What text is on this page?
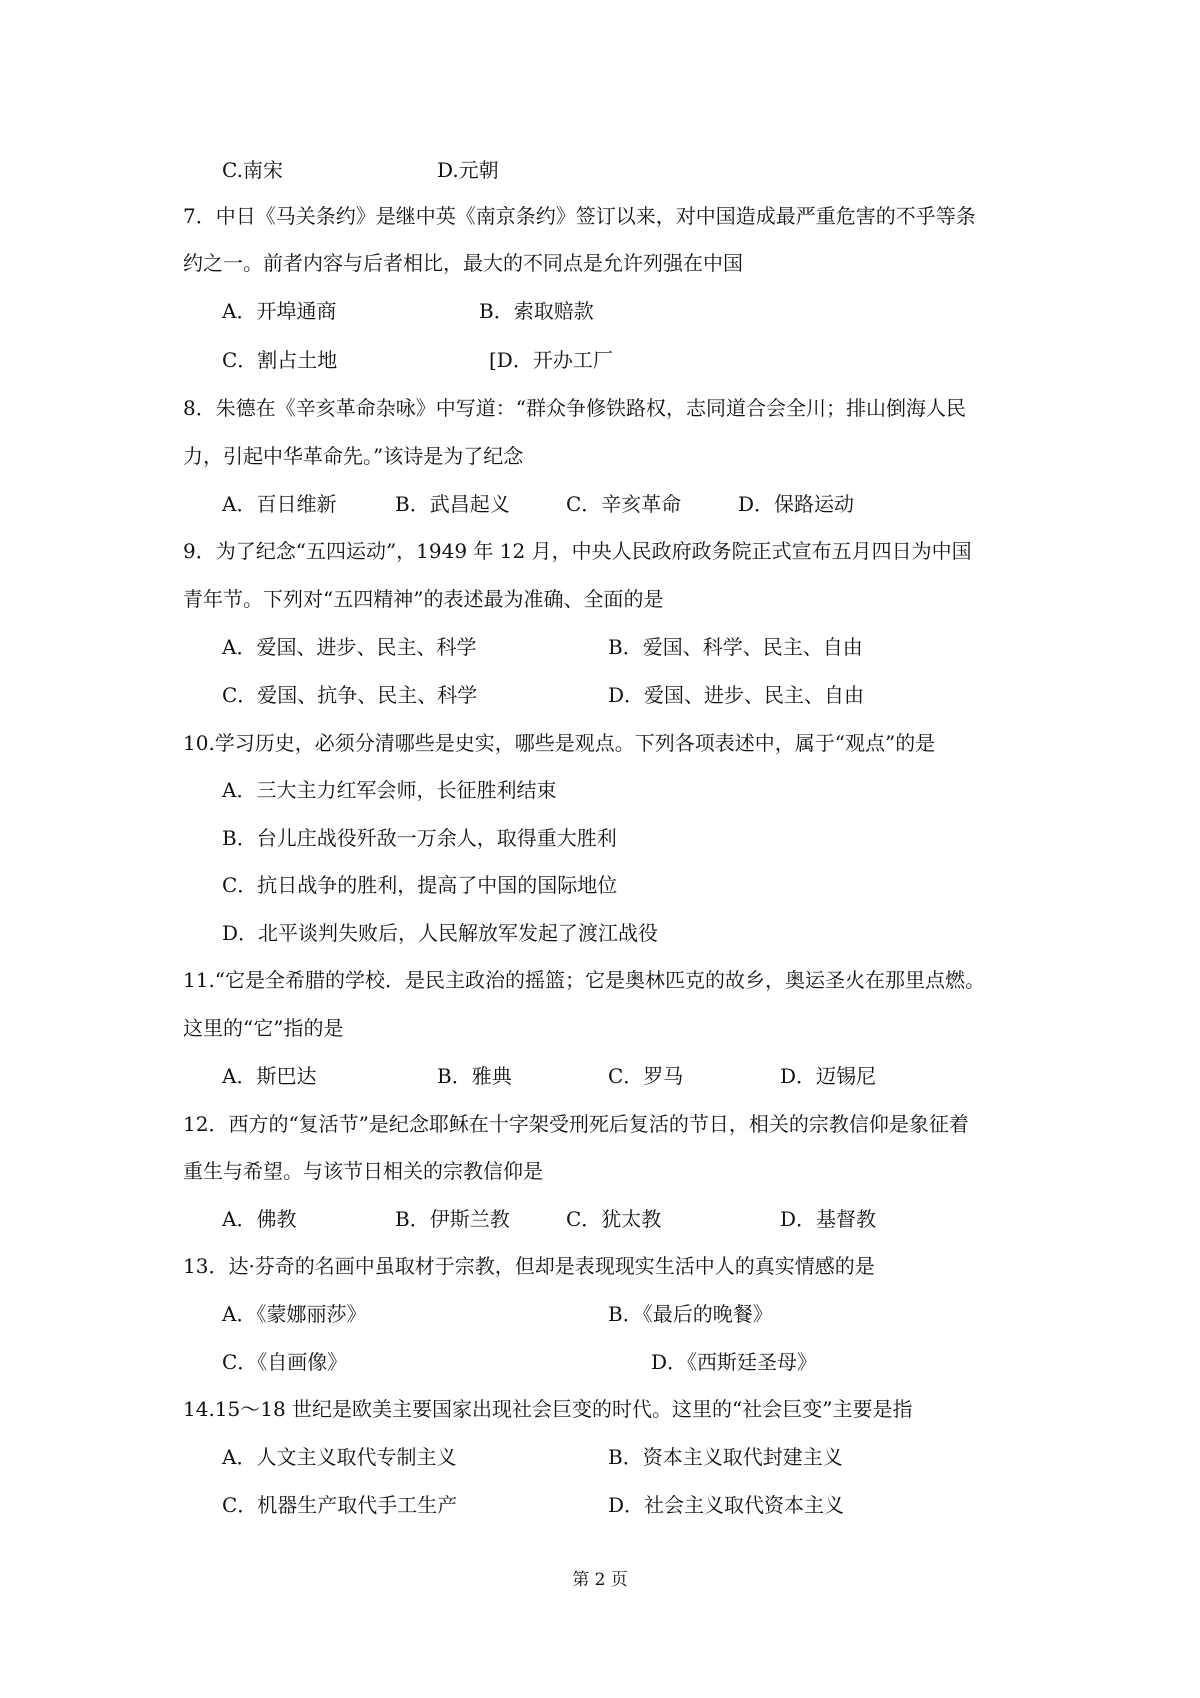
C.南宋	D.元朝
7．中日《马关条约》是继中英《南京条约》签订以来，对中国造成最严重危害的不乎等条
约之一。前者内容与后者相比，最大的不同点是允许列强在中国
A．开埠通商	B．索取赔款
C．割占土地	[D．开办工厂
8．朱德在《辛亥革命杂咏》中写道：“群众争修铁路权，志同道合会全川；排山倒海人民
力，引起中华革命先。”该诗是为了纪念
A．百日维新	B．武昌起义	C．辛亥革命	D．保路运动
9．为了纪念“五四运动”，1949 年 12 月，中央人民政府政务院正式宣布五月四日为中国
青年节。下列对“五四精神”的表述最为准确、全面的是
A．爱国、进步、民主、科学	B．爱国、科学、民主、自由
C．爱国、抗争、民主、科学	D．爱国、进步、民主、自由
10.学习历史，必须分清哪些是史实，哪些是观点。下列各项表述中，属于“观点”的是
A．三大主力红军会师，长征胜利结束
B．台儿庄战役歼敌一万余人，取得重大胜利
C．抗日战争的胜利，提高了中国的国际地位
D．北平谈判失败后，人民解放军发起了渡江战役
11.“它是全希腊的学校．是民主政治的摇篮；它是奥林匹克的故乡，奥运圣火在那里点燃。
这里的“它”指的是
A．斯巴达	B．雅典	C．罗马	D．迈锡尼
12．西方的“复活节”是纪念耶稣在十字架受刑死后复活的节日，相关的宗教信仰是象征着
重生与希望。与该节日相关的宗教信仰是
A．佛教	B．伊斯兰教	C．犹太教	D．基督教
13．达·芬奇的名画中虽取材于宗教，但却是表现现实生活中人的真实情感的是
A．《蒙娜丽莎》	B．《最后的晚餐》
C．《自画像》	D．《西斯廷圣母》
14.15～18 世纪是欧美主要国家出现社会巨变的时代。这里的“社会巨变”主要是指
A．人文主义取代专制主义	B．资本主义取代封建主义
C．机器生产取代手工生产	D．社会主义取代资本主义
第 2 页
